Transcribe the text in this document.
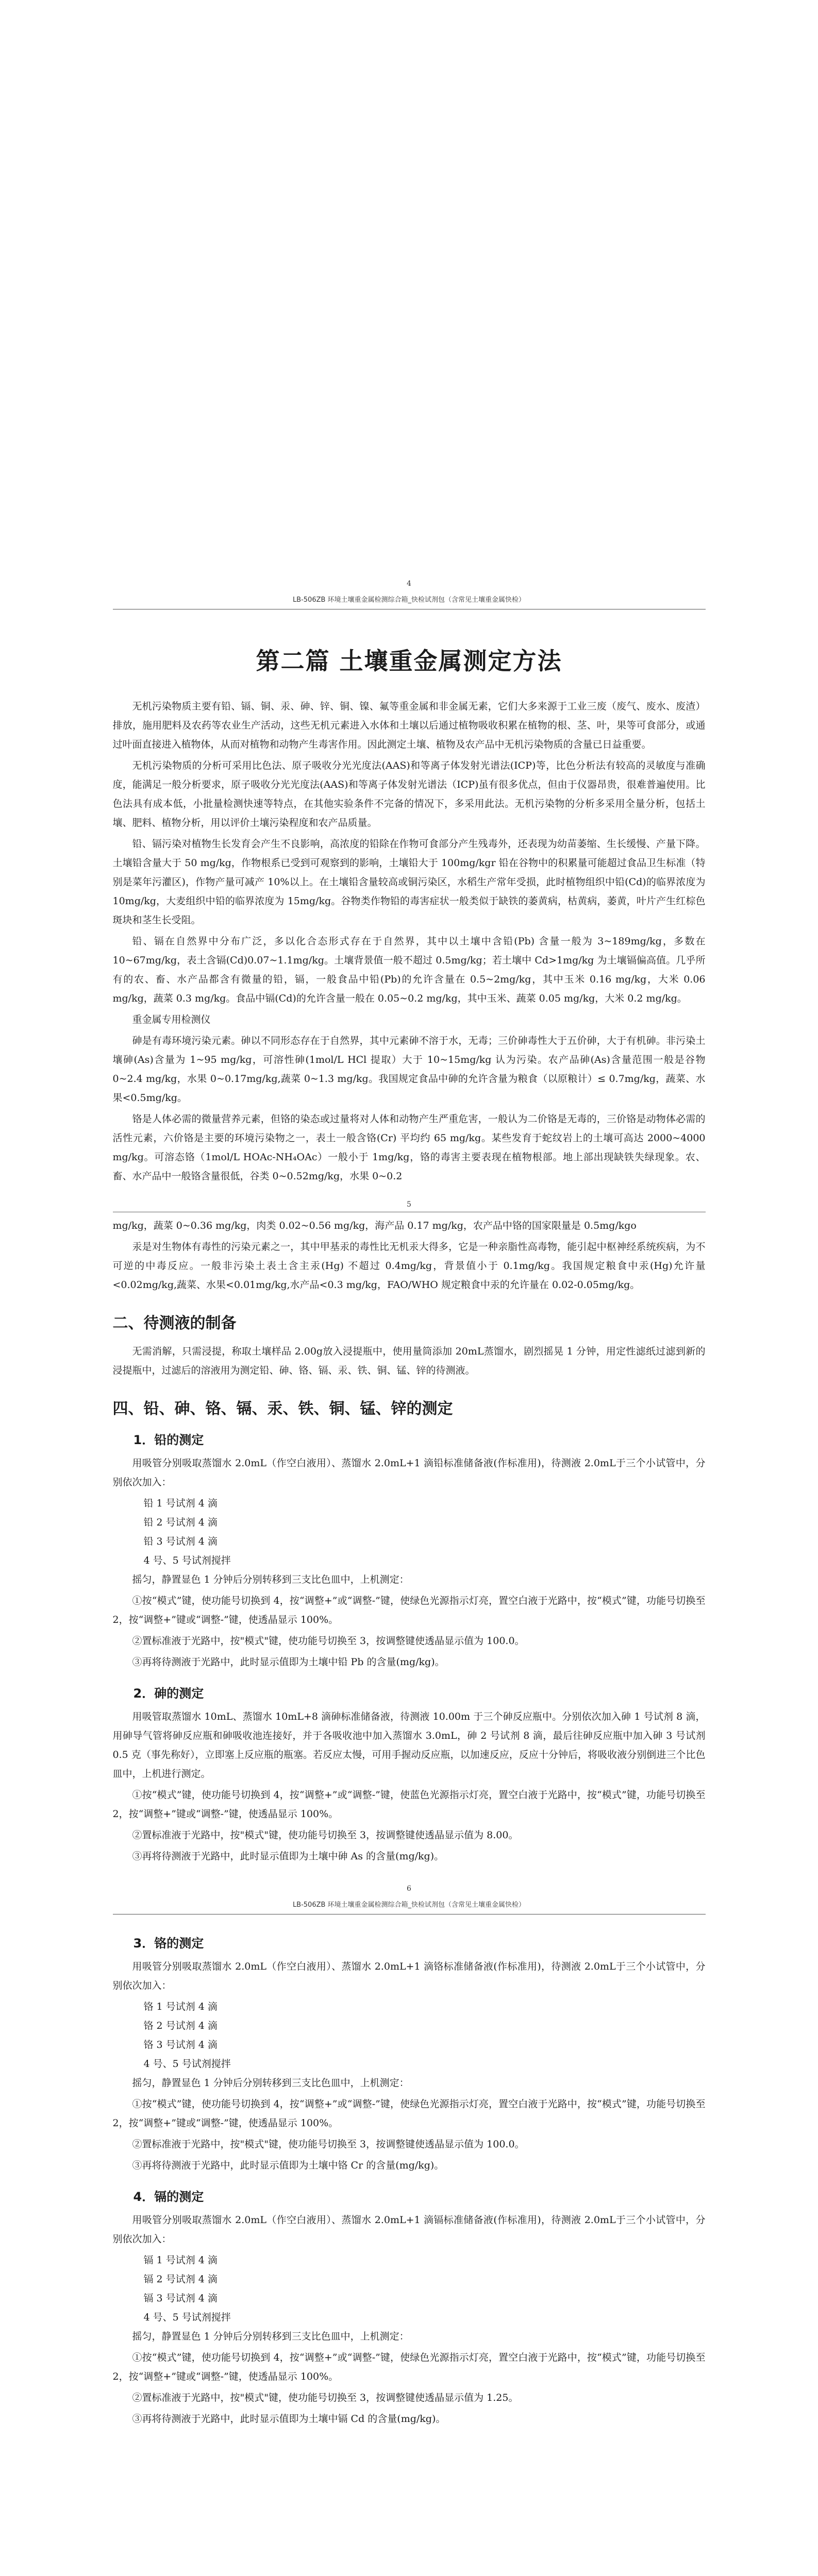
4
LB-506ZB 环境土壤重金属检测综合箱_快检试剂包（含常见土壤重金属快检）
第二篇 土壤重金属测定方法

无机污染物质主要有铅、镉、铜、汞、砷、锌、铜、镍、氟等重金属和非金属无素，它们大多来源于工业三废（废气、废水、废渣）排放，施用肥料及农药等农业生产活动，这些无机元素进入水体和土壤以后通过植物吸收积累在植物的根、茎、叶，果等可食部分，或通过叶面直接进入植物体，从而对植物和动物产生毒害作用。因此测定土壤、植物及农产品中无机污染物质的含量已日益重要。

无机污染物质的分析可采用比色法、原子吸收分光光度法(AAS)和等离子体发射光谱法(ICP)等，比色分析法有较高的灵敏度与准确度，能满足一般分析要求，原子吸收分光光度法(AAS)和等离子体发射光谱法（ICP)虽有很多优点，但由于仪器昂贵，很难普遍使用。比色法具有成本低，小批量检测快速等特点，在其他实验条件不完备的情况下，多采用此法。无机污染物的分析多采用全量分析，包括土壤、肥料、植物分析，用以评价土壤污染程度和农产品质量。

铅、镉污染对植物生长发育会产生不良影响，高浓度的铅除在作物可食部分产生残毒外，还表现为幼苗萎缩、生长缓慢、产量下降。土壤铅含量大于 50 mg/kg，作物根系已受到可观察到的影响，土壤铅大于 100mg/kgr 铅在谷物中的积累量可能超过食品卫生标准（特别是菜年污灌区)，作物产量可减产 10%以上。在土壤铅含量较高或铜污染区，水稻生产常年受损，此时植物组织中铅(Cd)的临界浓度为 10mg/kg，大麦组织中铅的临界浓度为 15mg/kg。谷物类作物铅的毒害症状一般类似于缺铁的萎黄病，枯黄病，萎黄，叶片产生红棕色斑块和茎生长受阻。

铅、镉在自然界中分布广泛，多以化合态形式存在于自然界，其中以土壤中含铅(Pb) 含量一般为 3~189mg/kg，多数在 10~67mg/kg，表土含镉(Cd)0.07~1.1mg/kg。土壤背景值一般不超过 0.5mg/kg；若土壤中 Cd>1mg/kg 为土壤镉偏高值。几乎所有的农、畜、水产品都含有微量的铅，镉，一般食品中铅(Pb)的允许含量在 0.5~2mg/kg，其中玉米 0.16 mg/kg，大米 0.06 mg/kg，蔬菜 0.3 mg/kg。食品中镉(Cd)的允许含量一般在 0.05~0.2 mg/kg，其中玉米、蔬菜 0.05 mg/kg，大米 0.2 mg/kg。

重金属专用检测仪

砷是有毒环境污染元素。砷以不同形态存在于自然界，其中元素砷不溶于水，无毒；三价砷毒性大于五价砷，大于有机砷。非污染土壤砷(As)含量为 1~95 mg/kg，可溶性砷(1mol/L HCl 提取）大于 10~15mg/kg 认为污染。农产品砷(As)含量范围一般是谷物 0~2.4 mg/kg，水果 0~0.17mg/kg,蔬菜 0~1.3 mg/kg。我国规定食品中砷的允许含量为粮食（以原粮计）≤ 0.7mg/kg，蔬菜、水果<0.5mg/kg。

铬是人体必需的微量营养元素，但铬的染态或过量将对人体和动物产生严重危害，一般认为二价铬是无毒的，三价铬是动物体必需的活性元素，六价铬是主要的环境污染物之一，表土一般含铬(Cr) 平均约 65 mg/kg。某些发育于蛇纹岩上的土壤可高达 2000~4000 mg/kg。可溶态铬（1mol/L HOAc-NH₄OAc）一般小于 1mg/kg，铬的毒害主要表现在植物根部。地上部出现缺铁失绿现象。农、畜、水产品中一般铬含量很低，谷类 0~0.52mg/kg，水果 0~0.2

5

mg/kg，蔬菜 0~0.36 mg/kg，肉类 0.02~0.56 mg/kg，海产品 0.17 mg/kg，农产品中铬的国家限量是 0.5mg/kgo

汞是对生物体有毒性的污染元素之一，其中甲基汞的毒性比无机汞大得多，它是一种亲脂性高毒物，能引起中枢神经系统疾病，为不可逆的中毒反应。一般非污染土表土含主汞(Hg) 不超过 0.4mg/kg，背景值小于 0.1mg/kg。我国规定粮食中汞(Hg)允许量<0.02mg/kg,蔬菜、水果<0.01mg/kg,水产品<0.3 mg/kg，FAO/WHO 规定粮食中汞的允许量在 0.02-0.05mg/kg。

二、待测液的制备

无需消解，只需浸提，称取土壤样品 2.00g放入浸提瓶中，使用量筒添加 20mL蒸馏水，剧烈摇晃 1 分钟，用定性滤纸过滤到新的浸提瓶中，过滤后的溶液用为测定铅、砷、铬、镉、汞、铁、铜、锰、锌的待测液。

四、铅、砷、铬、镉、汞、铁、铜、锰、锌的测定
1．铅的测定

用吸管分别吸取蒸馏水 2.0mL（作空白液用）、蒸馏水 2.0mL+1 滴铅标准储备液(作标准用)，待测液 2.0mL于三个小试管中，分别依次加入：

铅 1 号试剂 4 滴
铅 2 号试剂 4 滴
铅 3 号试剂 4 滴
4 号、5 号试剂搅拌

摇匀，静置显色 1 分钟后分别转移到三支比色皿中，上机测定：

①按“模式”键，使功能号切换到 4，按“调整+”或“调整-”键，使绿色光源指示灯亮，置空白液于光路中，按“模式”键，功能号切换至 2，按“调整+”键或“调整-”键，使透晶显示 100%。

②置标准液于光路中，按"模式"键，使功能号切换至 3，按调整键使透晶显示值为 100.0。

③再将待测液于光路中，此时显示值即为土壤中铅 Pb 的含量(mg/kg)。

2．砷的测定

用吸管取蒸馏水 10mL、蒸馏水 10mL+8 滴砷标准储备液，待测液 10.00m 于三个砷反应瓶中。分别依次加入砷 1 号试剂 8 滴，用砷导气管将砷反应瓶和砷吸收池连接好，并于各吸收池中加入蒸馏水 3.0mL，砷 2 号试剂 8 滴，最后往砷反应瓶中加入砷 3 号试剂 0.5 克（事先称好），立即塞上反应瓶的瓶塞。若反应太慢，可用手握动反应瓶，以加速反应，反应十分钟后，将吸收液分别倒进三个比色皿中，上机进行测定。

①按“模式”键，使功能号切换到 4，按“调整+”或“调整-”键，使蓝色光源指示灯亮，置空白液于光路中，按“模式”键，功能号切换至 2，按“调整+”键或“调整-”键，使透晶显示 100%。

②置标准液于光路中，按"模式"键，使功能号切换至 3，按调整键使透晶显示值为 8.00。

③再将待测液于光路中，此时显示值即为土壤中砷 As 的含量(mg/kg)。

6
LB-506ZB 环境土壤重金属检测综合箱_快检试剂包（含常见土壤重金属快检）
3．铬的测定

用吸管分别吸取蒸馏水 2.0mL（作空白液用）、蒸馏水 2.0mL+1 滴铬标准储备液(作标准用)，待测液 2.0mL于三个小试管中，分别依次加入：

铬 1 号试剂 4 滴
铬 2 号试剂 4 滴
铬 3 号试剂 4 滴
4 号、5 号试剂搅拌

摇匀，静置显色 1 分钟后分别转移到三支比色皿中，上机测定：

①按“模式”键，使功能号切换到 4，按“调整+”或“调整-”键，使绿色光源指示灯亮，置空白液于光路中，按“模式”键，功能号切换至 2，按“调整+”键或“调整-”键，使透晶显示 100%。

②置标准液于光路中，按"模式"键，使功能号切换至 3，按调整键使透晶显示值为 100.0。

③再将待测液于光路中，此时显示值即为土壤中铬 Cr 的含量(mg/kg)。

4．镉的测定

用吸管分别吸取蒸馏水 2.0mL（作空白液用）、蒸馏水 2.0mL+1 滴镉标准储备液(作标准用)，待测液 2.0mL于三个小试管中，分别依次加入：

镉 1 号试剂 4 滴
镉 2 号试剂 4 滴
镉 3 号试剂 4 滴
4 号、5 号试剂搅拌

摇匀，静置显色 1 分钟后分别转移到三支比色皿中，上机测定：

①按“模式”键，使功能号切换到 4，按“调整+”或“调整-”键，使绿色光源指示灯亮，置空白液于光路中，按“模式”键，功能号切换至 2，按“调整+”键或“调整-”键，使透晶显示 100%。

②置标准液于光路中，按"模式"键，使功能号切换至 3，按调整键使透晶显示值为 1.25。

③再将待测液于光路中，此时显示值即为土壤中镉 Cd 的含量(mg/kg)。
